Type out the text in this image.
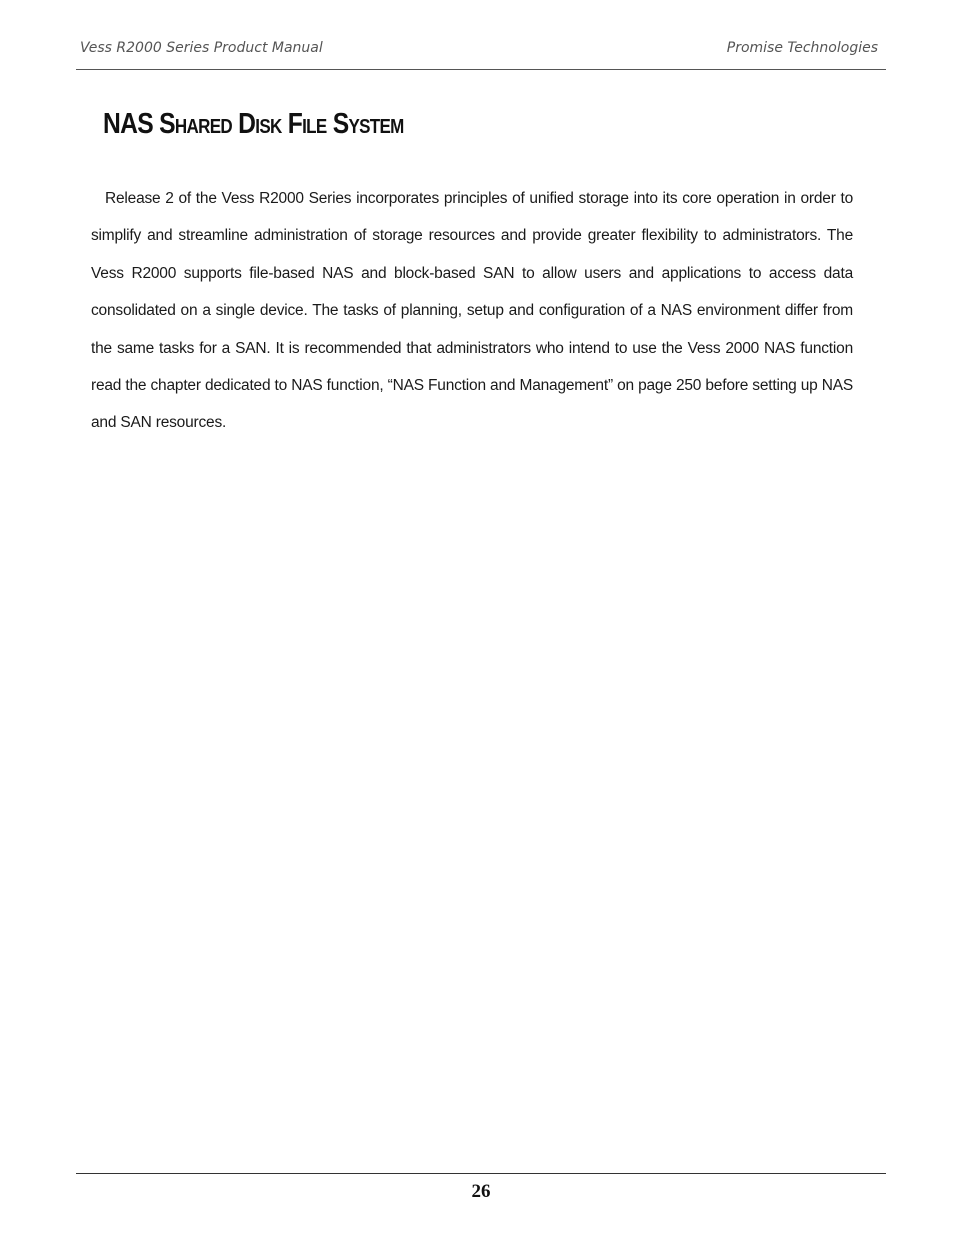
Vess R2000 Series Product Manual	Promise Technologies
NAS Shared Disk File System

Release 2 of the Vess R2000 Series incorporates principles of unified storage into its core operation in order to simplify and streamline administration of storage resources and provide greater flexibility to administrators. The Vess R2000 supports file-based NAS and block-based SAN to allow users and applications to access data consolidated on a single device. The tasks of planning, setup and configuration of a NAS environment differ from the same tasks for a SAN. It is recommended that administrators who intend to use the Vess 2000 NAS function read the chapter dedicated to NAS function, “NAS Function and Management” on page 250 before setting up NAS and SAN resources.

26
